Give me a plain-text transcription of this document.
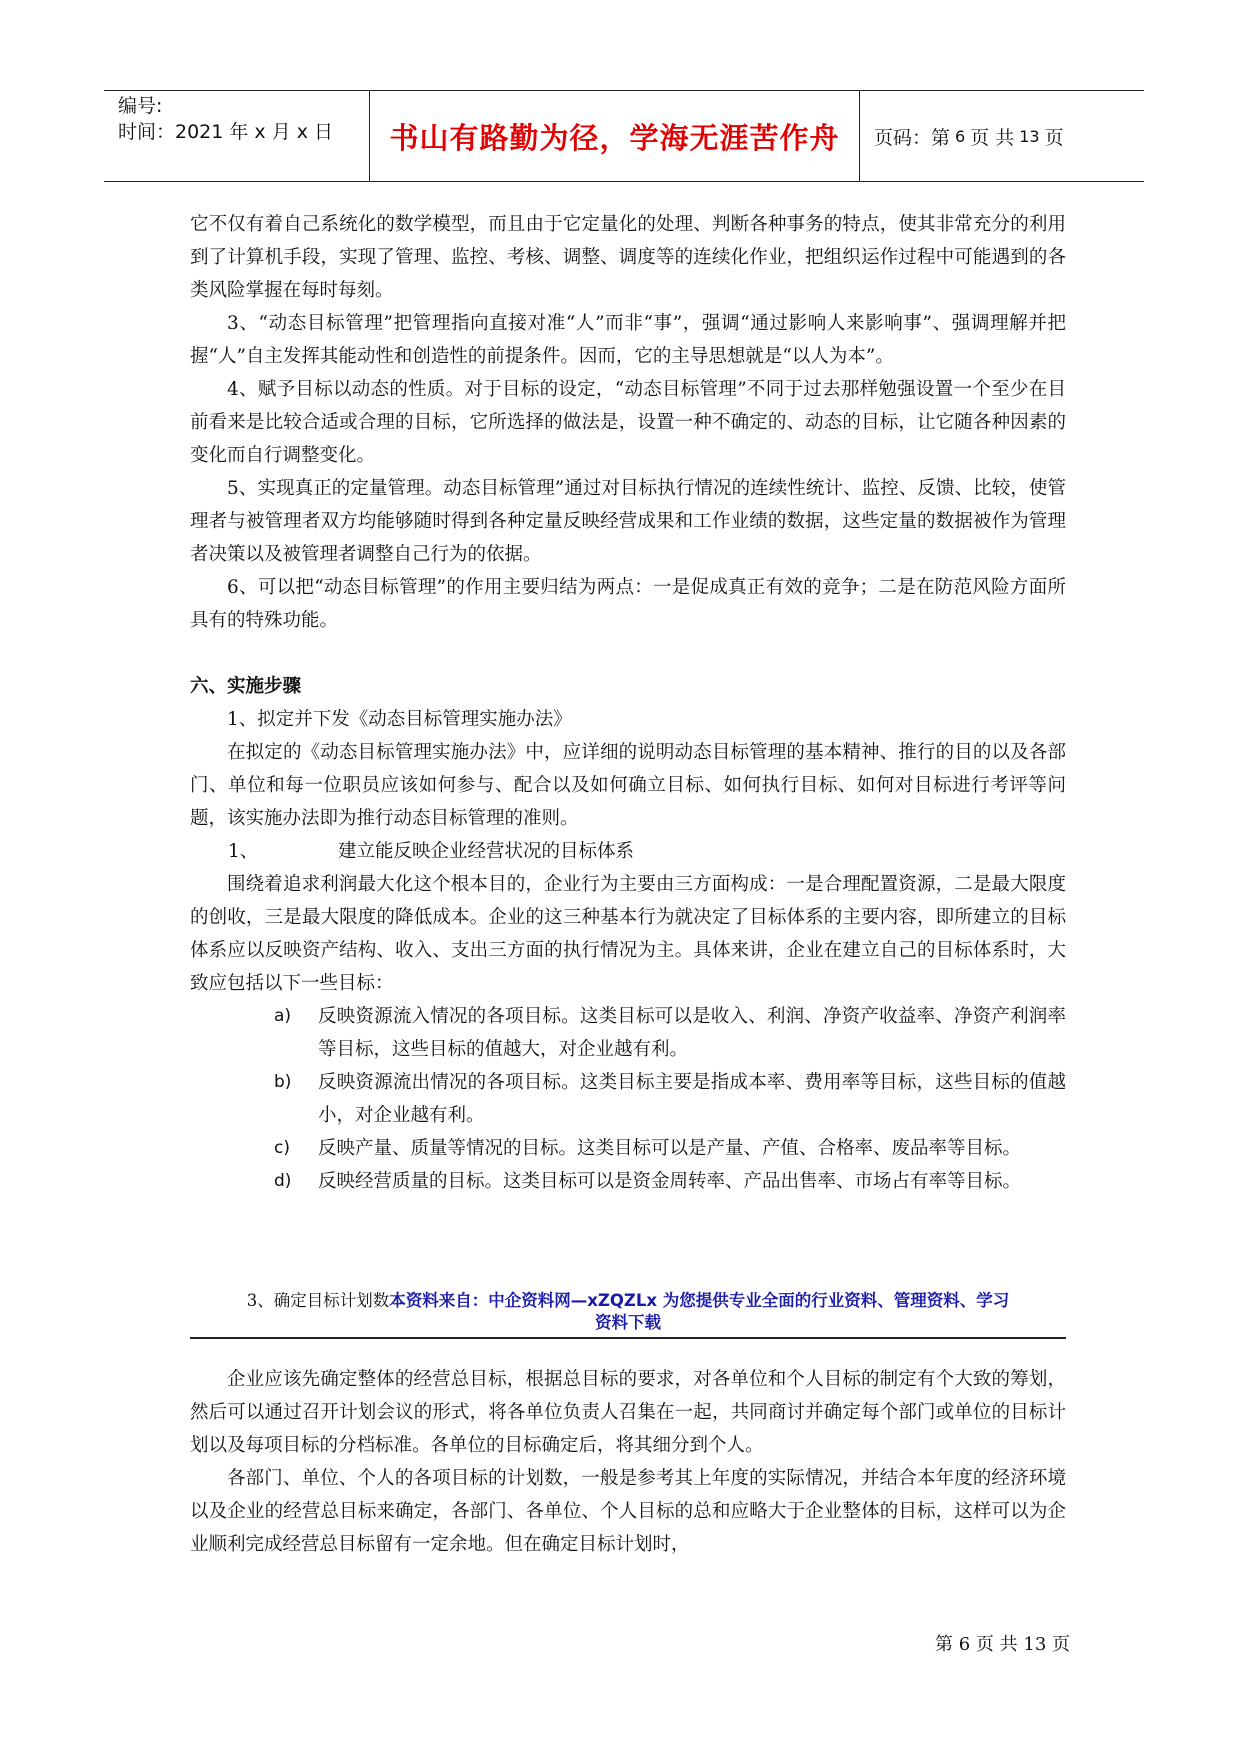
编号:
时间：2021 年 x 月 x 日	书山有路勤为径，学海无涯苦作舟	页码：第 6 页 共 13 页

它不仅有着自己系统化的数学模型，而且由于它定量化的处理、判断各种事务的特点，使其非常充分的利用到了计算机手段，实现了管理、监控、考核、调整、调度等的连续化作业，把组织运作过程中可能遇到的各类风险掌握在每时每刻。

3、“动态目标管理”把管理指向直接对准“人”而非“事”，强调“通过影响人来影响事”、强调理解并把握“人”自主发挥其能动性和创造性的前提条件。因而，它的主导思想就是“以人为本”。

4、赋予目标以动态的性质。对于目标的设定，“动态目标管理”不同于过去那样勉强设置一个至少在目前看来是比较合适或合理的目标，它所选择的做法是，设置一种不确定的、动态的目标，让它随各种因素的变化而自行调整变化。

5、实现真正的定量管理。动态目标管理”通过对目标执行情况的连续性统计、监控、反馈、比较，使管理者与被管理者双方均能够随时得到各种定量反映经营成果和工作业绩的数据，这些定量的数据被作为管理者决策以及被管理者调整自己行为的依据。

6、可以把“动态目标管理”的作用主要归结为两点：一是促成真正有效的竞争；二是在防范风险方面所具有的特殊功能。

六、实施步骤

1、拟定并下发《动态目标管理实施办法》

在拟定的《动态目标管理实施办法》中，应详细的说明动态目标管理的基本精神、推行的目的以及各部门、单位和每一位职员应该如何参与、配合以及如何确立目标、如何执行目标、如何对目标进行考评等问题，该实施办法即为推行动态目标管理的准则。

1、	建立能反映企业经营状况的目标体系

围绕着追求利润最大化这个根本目的，企业行为主要由三方面构成：一是合理配置资源，二是最大限度的创收，三是最大限度的降低成本。企业的这三种基本行为就决定了目标体系的主要内容，即所建立的目标体系应以反映资产结构、收入、支出三方面的执行情况为主。具体来讲，企业在建立自己的目标体系时，大致应包括以下一些目标：

a)	反映资源流入情况的各项目标。这类目标可以是收入、利润、净资产收益率、净资产利润率等目标，这些目标的值越大，对企业越有利。
b)	反映资源流出情况的各项目标。这类目标主要是指成本率、费用率等目标，这些目标的值越小，对企业越有利。
c)	反映产量、质量等情况的目标。这类目标可以是产量、产值、合格率、废品率等目标。
d)	反映经营质量的目标。这类目标可以是资金周转率、产品出售率、市场占有率等目标。
3、确定目标计划数本资料来自：中企资料网—xZQZLx 为您提供专业全面的行业资料、管理资料、学习
资料下载

企业应该先确定整体的经营总目标，根据总目标的要求，对各单位和个人目标的制定有个大致的筹划，然后可以通过召开计划会议的形式，将各单位负责人召集在一起，共同商讨并确定每个部门或单位的目标计划以及每项目标的分档标准。各单位的目标确定后，将其细分到个人。

各部门、单位、个人的各项目标的计划数，一般是参考其上年度的实际情况，并结合本年度的经济环境以及企业的经营总目标来确定，各部门、各单位、个人目标的总和应略大于企业整体的目标，这样可以为企业顺利完成经营总目标留有一定余地。但在确定目标计划时，

第 6 页 共 13 页
